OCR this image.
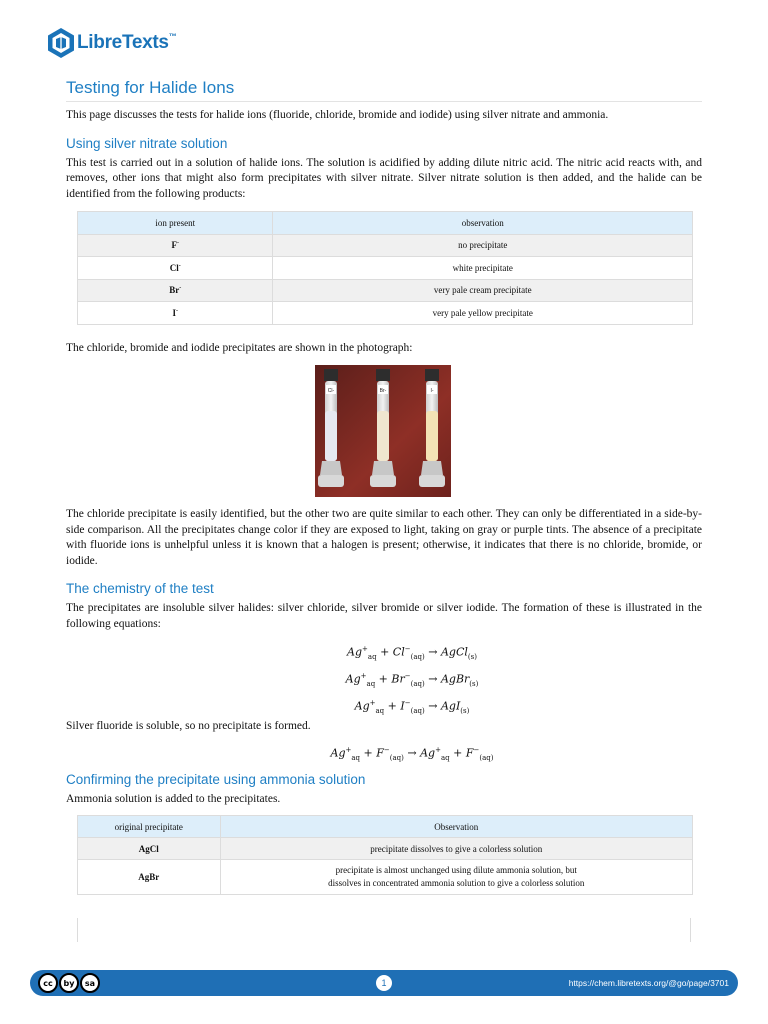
LibreTexts™
Testing for Halide Ions

This page discusses the tests for halide ions (fluoride, chloride, bromide and iodide) using silver nitrate and ammonia.

Using silver nitrate solution

This test is carried out in a solution of halide ions. The solution is acidified by adding dilute nitric acid. The nitric acid reacts with, and removes, other ions that might also form precipitates with silver nitrate. Silver nitrate solution is then added, and the halide can be identified from the following products:

ion present	observation
F-	no precipitate
Cl-	white precipitate
Br-	very pale cream precipitate
I-	very pale yellow precipitate

The chloride, bromide and iodide precipitates are shown in the photograph:

Cl-	Br-	I-

The chloride precipitate is easily identified, but the other two are quite similar to each other. They can only be differentiated in a side-by-side comparison. All the precipitates change color if they are exposed to light, taking on gray or purple tints. The absence of a precipitate with fluoride ions is unhelpful unless it is known that a halogen is present; otherwise, it indicates that there is no chloride, bromide, or iodide.

The chemistry of the test

The precipitates are insoluble silver halides: silver chloride, silver bromide or silver iodide. The formation of these is illustrated in the following equations:

$Ag^+_{aq} + Cl^-_{(aq)}$ → AgCl$_{(s)}$
$Ag^+_{aq} + Br^-_{(aq)}$ → AgBr$_{(s)}$
$Ag^+_{aq} + I^-_{(aq)} \to AgI_{(s)}$

Silver fluoride is soluble, so no precipitate is formed.

$Ag^+_{aq} + F^-_{(aq)} \to Ag^+_{aq} + F^-_{(aq)}$
Confirming the precipitate using ammonia solution

Ammonia solution is added to the precipitates.

original precipitate	Observation
AgCl	precipitate dissolves to give a colorless solution
AgBr	precipitate is almost unchanged using dilute ammonia solution, but
dissolves in concentrated ammonia solution to give a colorless solution
cc	by	sa	1	https://chem.libretexts.org/@go/page/3701
